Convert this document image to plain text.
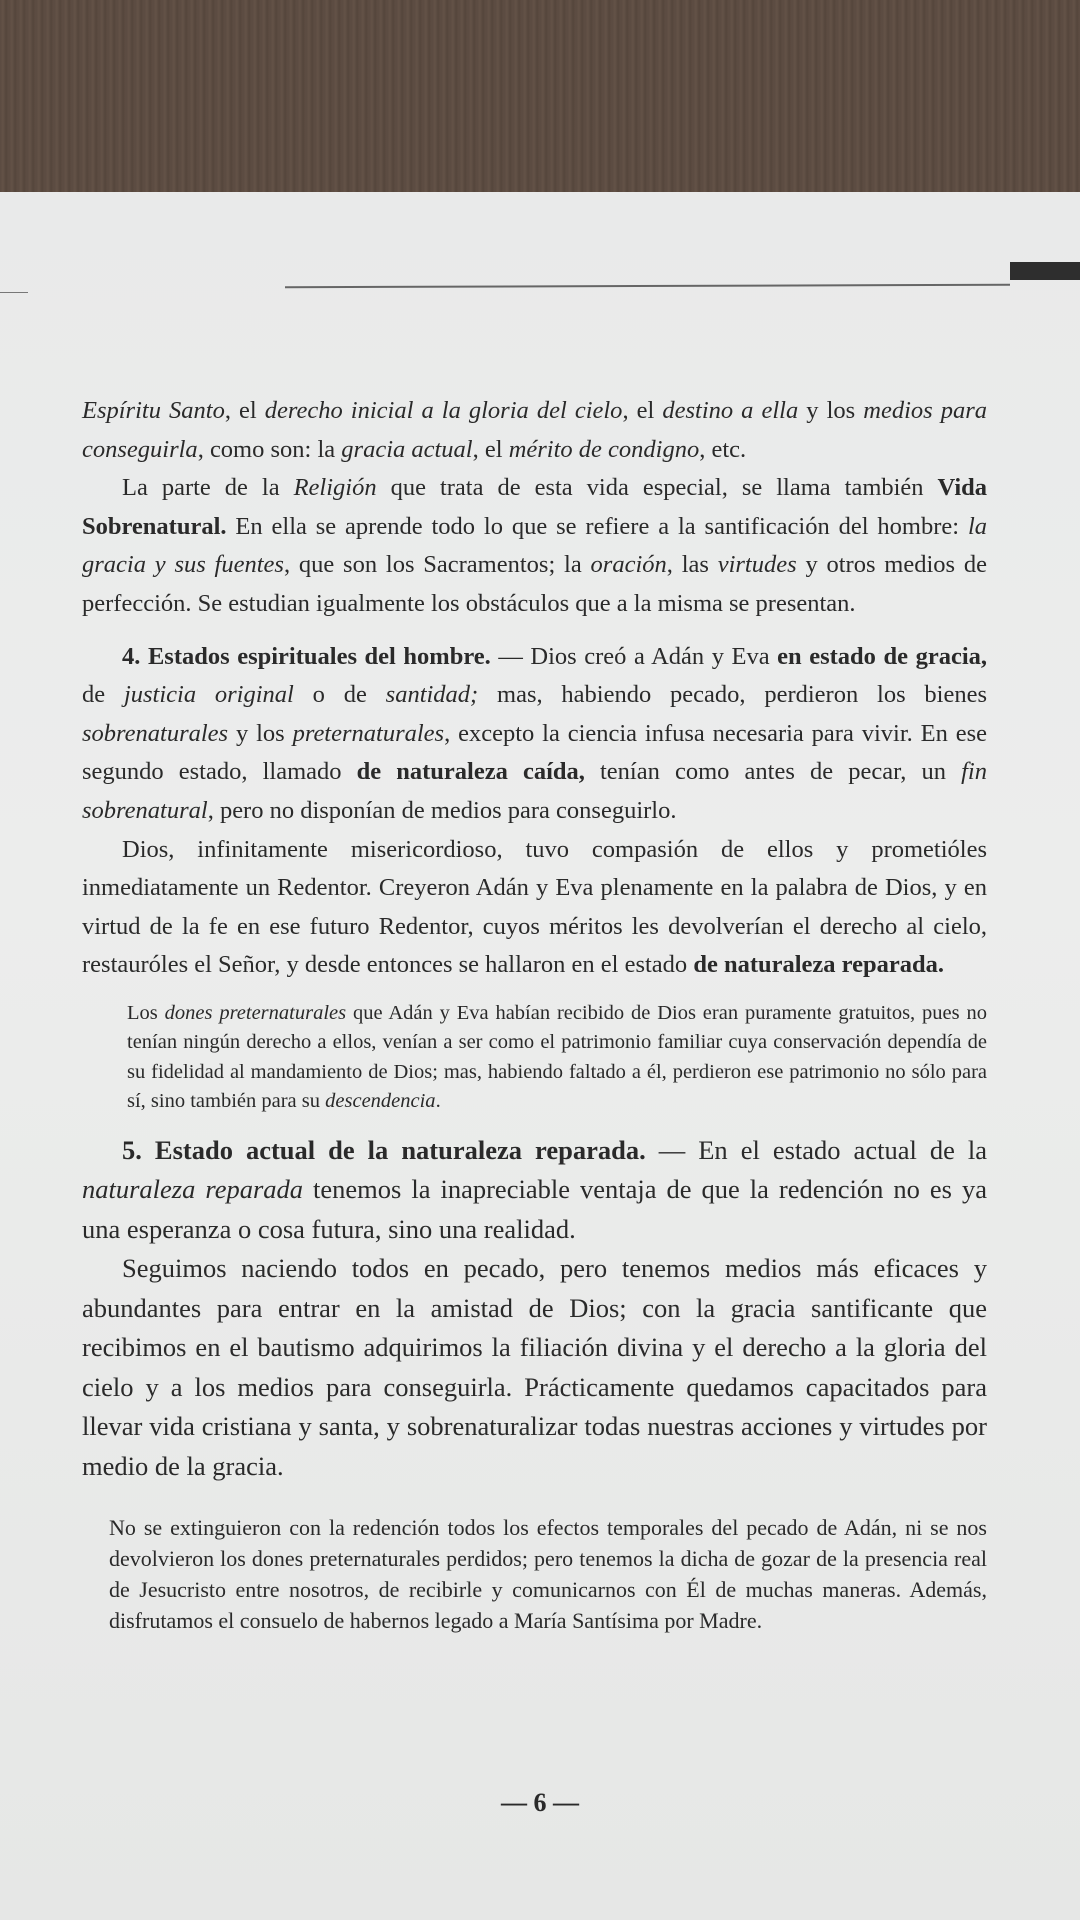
Espíritu Santo, el derecho inicial a la gloria del cielo, el destino a ella y los medios para conseguirla, como son: la gracia actual, el mérito de condigno, etc.

La parte de la Religión que trata de esta vida especial, se llama también Vida Sobrenatural. En ella se aprende todo lo que se refiere a la santificación del hombre: la gracia y sus fuentes, que son los Sacramentos; la oración, las virtudes y otros medios de perfección. Se estudian igualmente los obstáculos que a la misma se presentan.

4. Estados espirituales del hombre. — Dios creó a Adán y Eva en estado de gracia, de justicia original o de santidad; mas, habiendo pecado, perdieron los bienes sobrenaturales y los preternaturales, excepto la ciencia infusa necesaria para vivir. En ese segundo estado, llamado de naturaleza caída, tenían como antes de pecar, un fin sobrenatural, pero no disponían de medios para conseguirlo.

Dios, infinitamente misericordioso, tuvo compasión de ellos y prometióles inmediatamente un Redentor. Creyeron Adán y Eva plenamente en la palabra de Dios, y en virtud de la fe en ese futuro Redentor, cuyos méritos les devolverían el derecho al cielo, restauróles el Señor, y desde entonces se hallaron en el estado de naturaleza reparada.

Los dones preternaturales que Adán y Eva habían recibido de Dios eran puramente gratuitos, pues no tenían ningún derecho a ellos, venían a ser como el patrimonio familiar cuya conservación dependía de su fidelidad al mandamiento de Dios; mas, habiendo faltado a él, perdieron ese patrimonio no sólo para sí, sino también para su descendencia.

5. Estado actual de la naturaleza reparada. — En el estado actual de la naturaleza reparada tenemos la inapreciable ventaja de que la redención no es ya una esperanza o cosa futura, sino una realidad.

Seguimos naciendo todos en pecado, pero tenemos medios más eficaces y abundantes para entrar en la amistad de Dios; con la gracia santificante que recibimos en el bautismo adquirimos la filiación divina y el derecho a la gloria del cielo y a los medios para conseguirla. Prácticamente quedamos capacitados para llevar vida cristiana y santa, y sobrenaturalizar todas nuestras acciones y virtudes por medio de la gracia.

No se extinguieron con la redención todos los efectos temporales del pecado de Adán, ni se nos devolvieron los dones preternaturales perdidos; pero tenemos la dicha de gozar de la presencia real de Jesucristo entre nosotros, de recibirle y comunicarnos con Él de muchas maneras. Además, disfrutamos el consuelo de habernos legado a María Santísima por Madre.

— 6 —
